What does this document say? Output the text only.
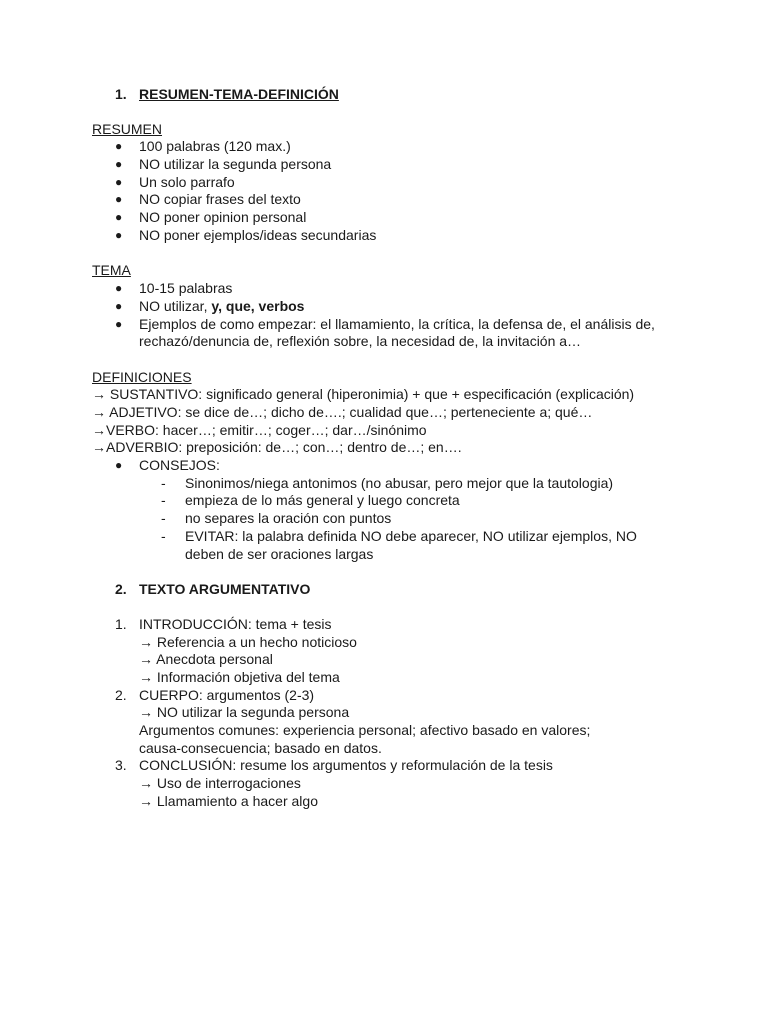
1. RESUMEN-TEMA-DEFINICIÓN
RESUMEN
● 100 palabras (120 max.)
● NO utilizar la segunda persona
● Un solo parrafo
● NO copiar frases del texto
● NO poner opinion personal
● NO poner ejemplos/ideas secundarias
TEMA
● 10-15 palabras
● NO utilizar, y, que, verbos
● Ejemplos de como empezar: el llamamiento, la crítica, la defensa de, el análisis de,
rechazó/denuncia de, reflexión sobre, la necesidad de, la invitación a…
DEFINICIONES
→ SUSTANTIVO: significado general (hiperonimia) + que + especificación (explicación)
→ ADJETIVO: se dice de…; dicho de….; cualidad que…; perteneciente a; qué…
→VERBO: hacer…; emitir…; coger…; dar…/sinónimo
→ADVERBIO: preposición: de…; con…; dentro de…; en….
● CONSEJOS:
- Sinonimos/niega antonimos (no abusar, pero mejor que la tautologia)
- empieza de lo más general y luego concreta
- no separes la oración con puntos
- EVITAR: la palabra definida NO debe aparecer, NO utilizar ejemplos, NO
deben de ser oraciones largas
2. TEXTO ARGUMENTATIVO
1. INTRODUCCIÓN: tema + tesis
→ Referencia a un hecho noticioso
→ Anecdota personal
→ Información objetiva del tema
2. CUERPO: argumentos (2-3)
→ NO utilizar la segunda persona
Argumentos comunes: experiencia personal; afectivo basado en valores;
causa-consecuencia; basado en datos.
3. CONCLUSIÓN: resume los argumentos y reformulación de la tesis
→ Uso de interrogaciones
→ Llamamiento a hacer algo
